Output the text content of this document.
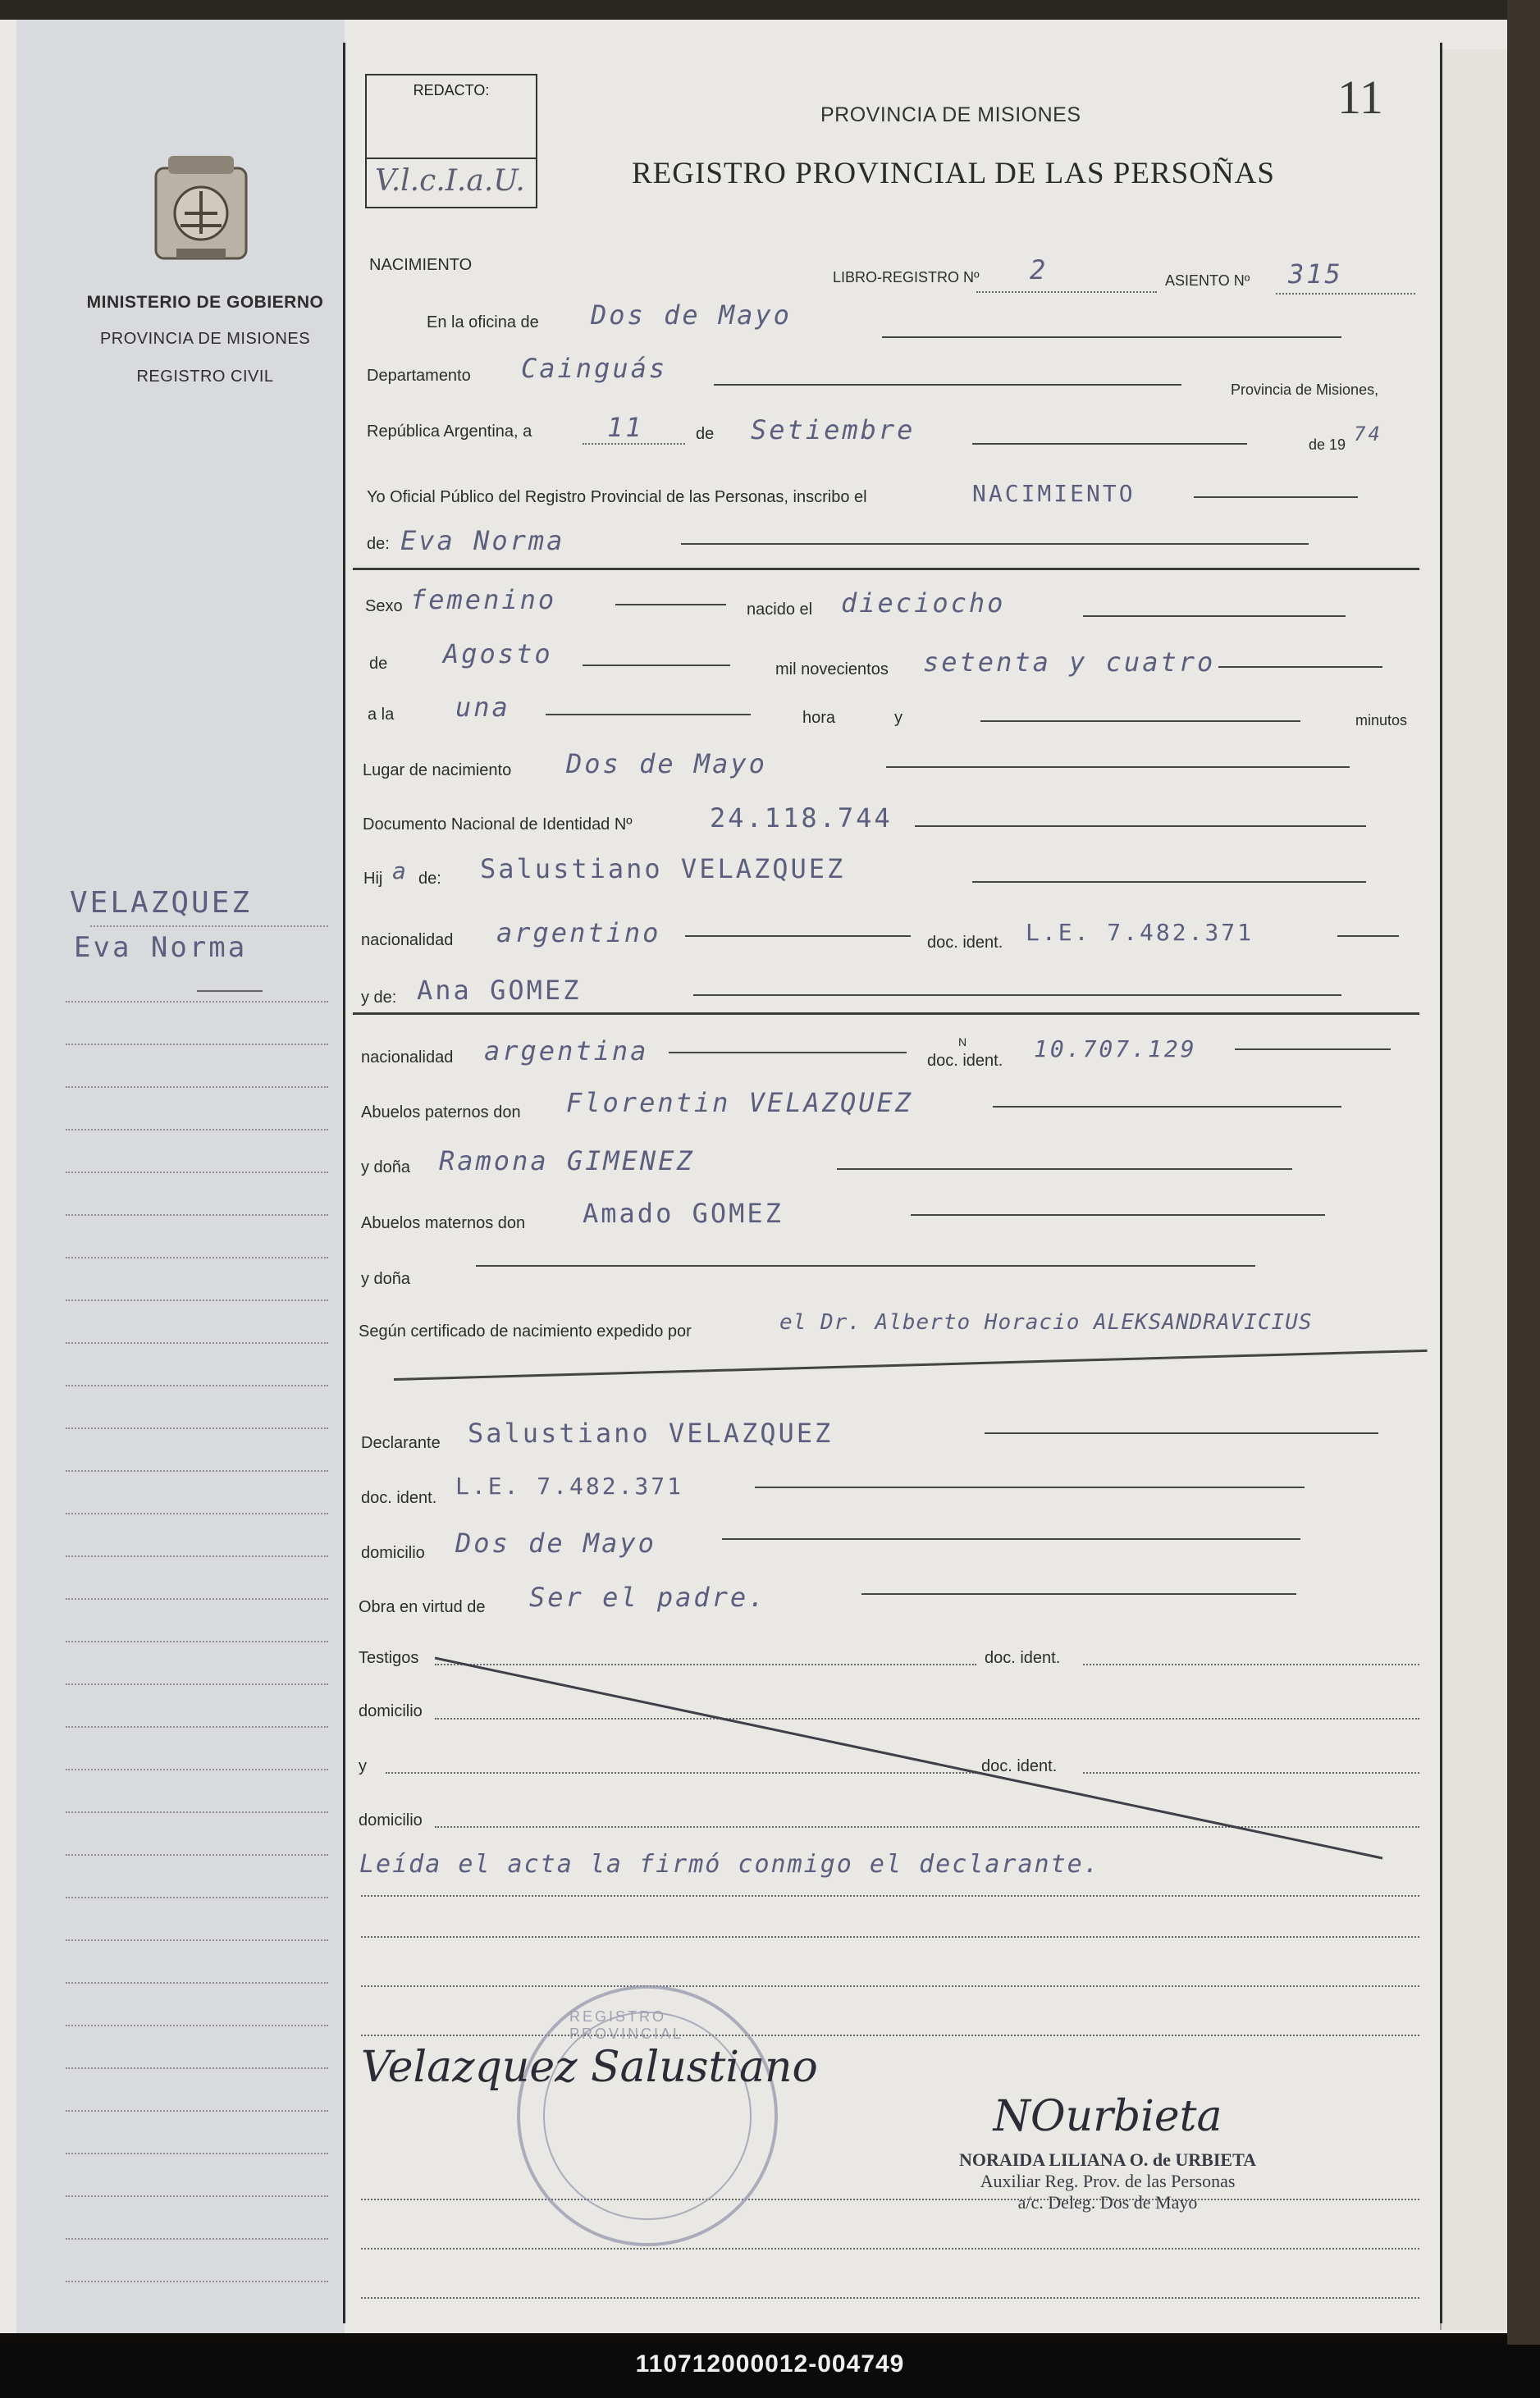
MINISTERIO DE GOBIERNO
PROVINCIA DE MISIONES
REGISTRO CIVIL
VELAZQUEZ
Eva Norma
REDACTO:
V.l.c.I.a.U.
PROVINCIA DE MISIONES
REGISTRO PROVINCIAL DE LAS PERSOÑAS
11
NACIMIENTO
LIBRO-REGISTRO Nº 2	ASIENTO Nº 315
En la oficina de Dos de Mayo
Departamento Cainguás
Provincia de Misiones,
República Argentina, a	11	de Setiembre	de 19 74
Yo Oficial Público del Registro Provincial de las Personas, inscribo el	NACIMIENTO
de: Eva Norma
Sexo femenino	nacido el dieciocho
de Agosto	mil novecientos setenta y cuatro
a la una	hora	y	minutos
Lugar de nacimiento Dos de Mayo
Documento Nacional de Identidad Nº	24.118.744
Hij a de: Salustiano VELAZQUEZ
nacionalidad argentino	doc. ident. L.E. 7.482.371
y de: Ana GOMEZ
nacionalidad argentina	doc. ident.
N	10.707.129
Abuelos paternos don Florentin VELAZQUEZ
y doña Ramona GIMENEZ
Abuelos maternos don Amado GOMEZ
y doña
Según certificado de nacimiento expedido por	el Dr. Alberto Horacio ALEKSANDRAVICIUS
Declarante Salustiano VELAZQUEZ
doc. ident. L.E. 7.482.371
domicilio Dos de Mayo
Obra en virtud de Ser el padre.
Testigos	doc. ident.
domicilio
y	doc. ident.
domicilio
Leída el acta la firmó conmigo el declarante.
REGISTRO PROVINCIAL
Velazquez Salustiano
NOurbieta
NORAIDA LILIANA O. de URBIETA
Auxiliar Reg. Prov. de las Personas
a/c. Deleg. Dos de Mayo
110712000012-004749
